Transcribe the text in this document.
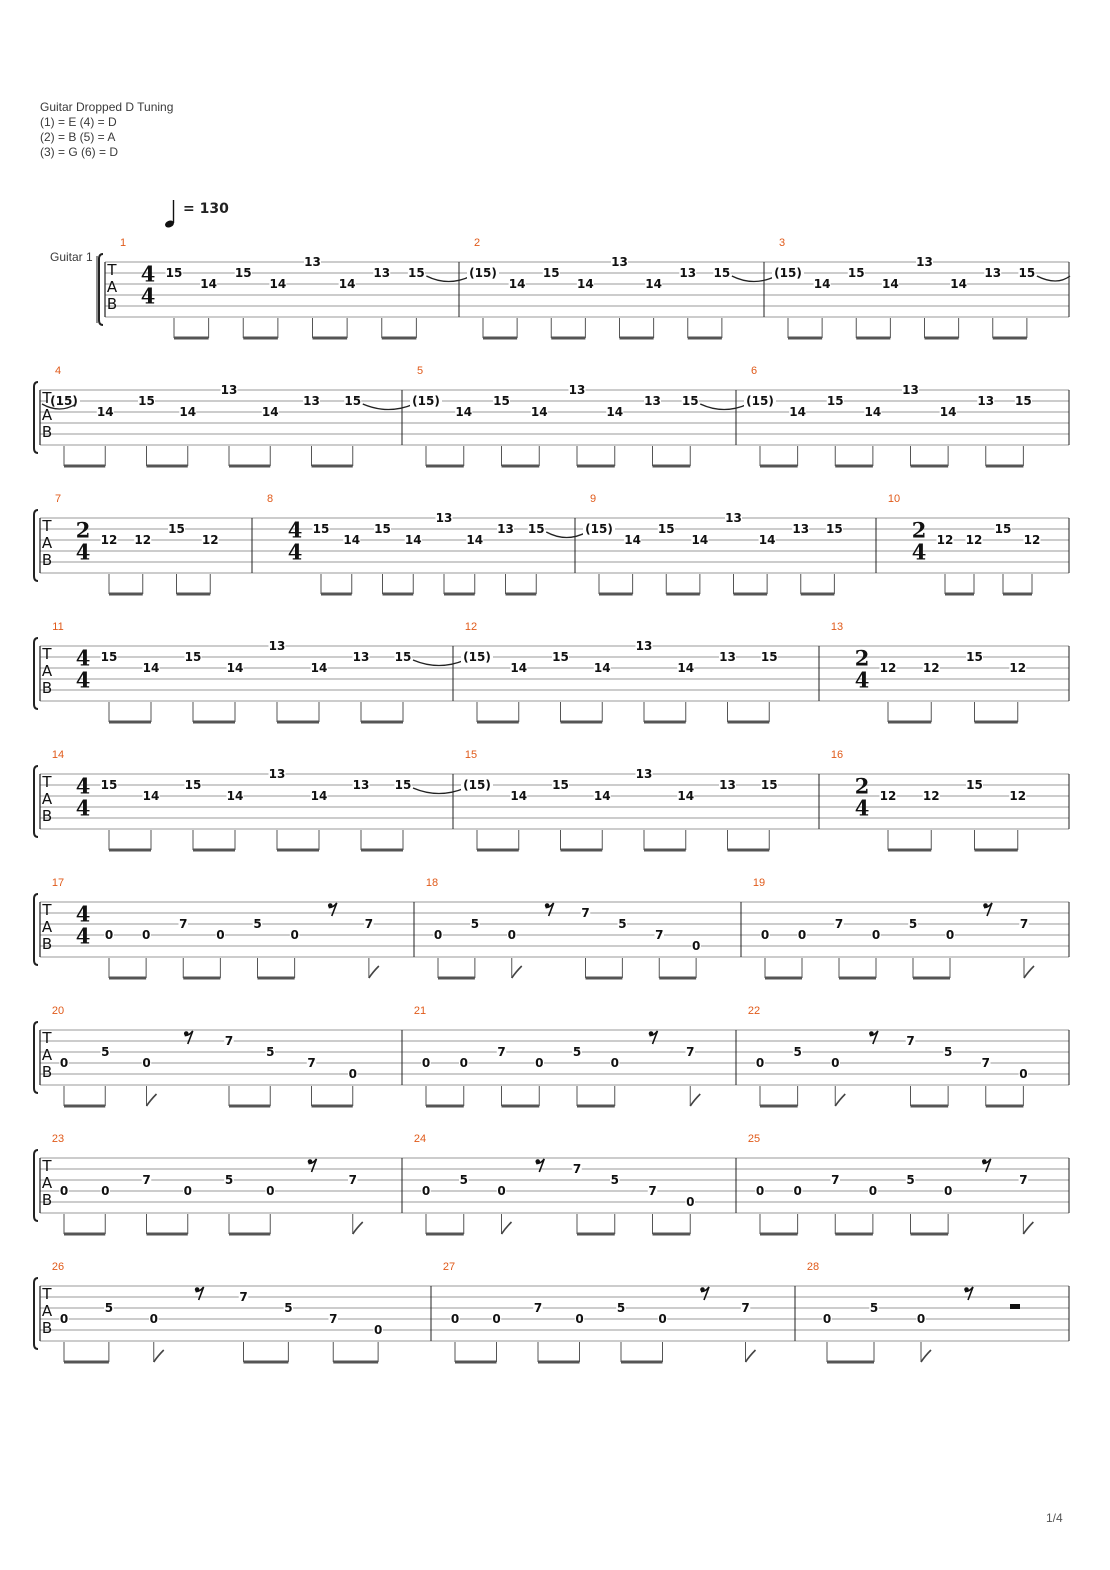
Guitar Dropped D Tuning
(1) = E (4) = D
(2) = B (5) = A
(3) = G (6) = D
= 130
Guitar 1
15
14
15
14
13
14
13 15	(15)
14
15
14
13
14
13 15	(15)
14
15
14
13
14
13 15
T
A
B
1
4
4
2	3
(15)
14
15
14
13
14
13 15	(15)
14
15
14
13
14
13 15	(15)
14
15
14
13
14
13 15
T
A
B
4	5	6
12 12
15
12
15
14
15
14
13
14
13 15	(15)
14
15
14
13
14
13 15
12 12
15
12
T
A
B
7
2
4
8
4
4
9	10
2
4
15
14
15
14
13
14
13 15	(15)
14
15
14
13
14
13 15
12 12
15
12
T
A
B
11
4
4
12	13
2
4
15
14
15
14
13
14
13 15	(15)
14
15
14
13
14
13 15
12 12
15
12
T
A
B
14
4
4
15	16
2
4
0 0
7
0
5
0
7
0
5
0
7
5
7
0
0 0
7
0
5
0
7
T
A
B
17
4
4
18	19
0
5
0
7
5
7
0
0 0
7
0
5
0
7
0
5
0
7
5
7
0
T
A
B
20	21	22
0	0
7
0
5
0
7
0
5
0
7
5
7
0
0 0
7
0
5
0
7
T
A
B
23	24	25
0
5
0
7
5
7
0
0	0
7
0
5
0
7
0
5
0
T
A
B
26	27	28
1/4
